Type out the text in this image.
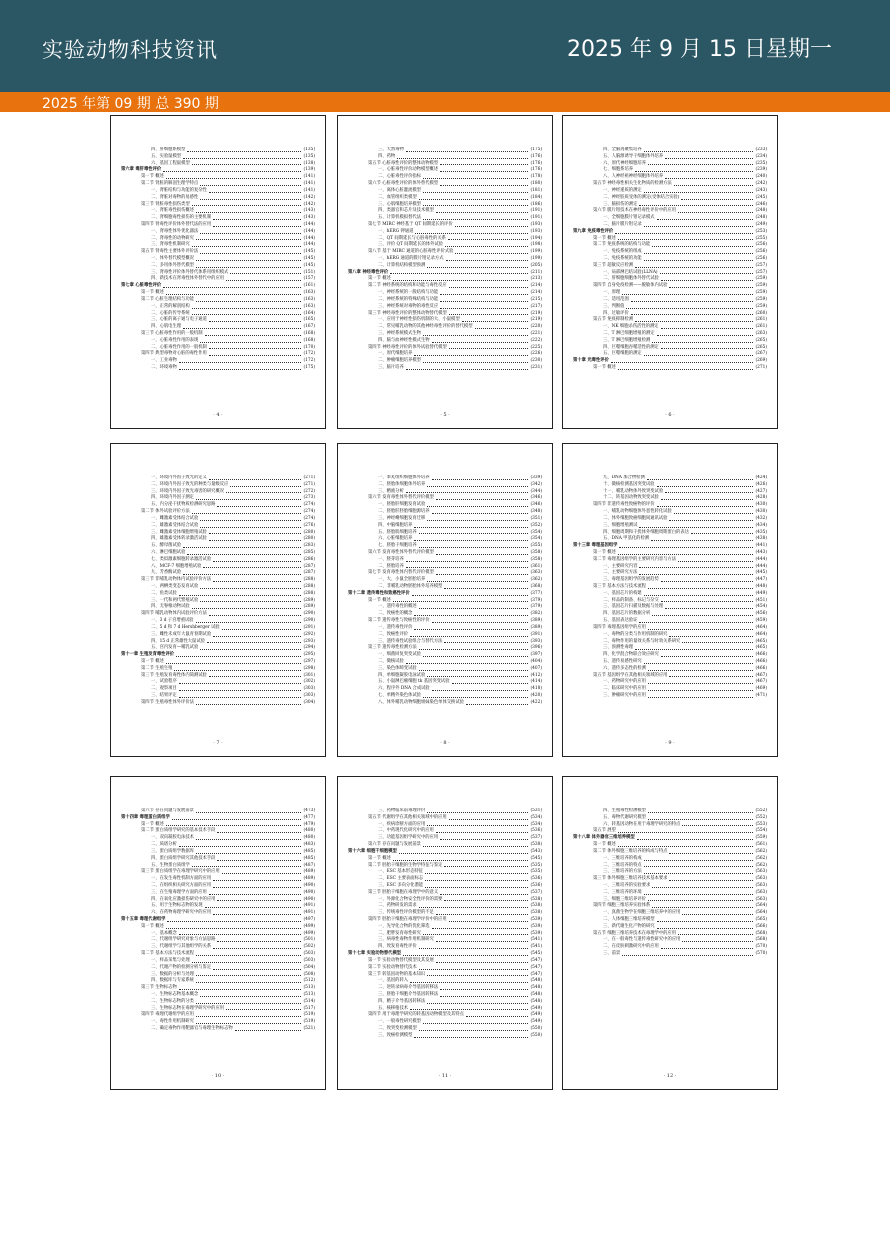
实验动物科技资讯	2025 年 9 月 15 日星期一
2025 年第 09 期 总 390 期
四、肝细胞系模型	(135)
五、实验鼠模型	(135)
六、基因工程鼠模型	(138)
第六章 毒肝毒性评价	(139)
第一节 概述	(141)
第二节 肾脏的解剖生理学特点	(141)
一、肾脏结构与功能的复杂性	(141)
二、肾脏对毒物的易感性	(142)
第三节 肾脏毒性损伤类型	(142)
一、肾脏毒性损伤概述	(143)
二、肾细胞毒性损伤的主要机制	(143)
第四节 肾毒性评价体外替代法的应用	(144)
一、肾毒性体外优化器法	(144)
二、肾毒性的动物研究	(144)
三、肾毒性机制研究	(144)
第五节 肾毒性主要体外评价法	(145)
一、体外替代模型概况	(145)
二、多用体外替代模型	(145)
三、肾毒性评价体外替代体系用组织模式	(151)
四、新技术在肾毒性体外替代中的应用	(157)
第七章 心脏毒性评价	(161)
第一节 概述	(163)
第二节 心脏生理结构与功能	(163)
一、正常的解剖结构	(163)
二、心脏的传导系统	(164)
三、心脏的离子通与电子通道	(165)
四、心肌电生理	(167)
第三节 心脏毒性作用的一般机制	(168)
一、心脏毒性作用的表现	(168)
二、心脏毒性作用的一般机制	(170)
第四节 典型毒物对心脏的毒性作用	(172)
一、工业毒物	(172)
二、环境毒物	(175)
· 4 ·
三、天然毒物	(175)
四、药物	(176)
第五节 心脏毒性评价的整体动物模型	(176)
一、心脏毒性评价动物模型概述	(176)
二、心脏毒性评价指标	(178)
第六节 心脏毒性评价的体外替代模型	(180)
一、离体心脏灌流模型	(181)
二、血管组织类模型	(184)
三、心肌细胞培养模型	(186)
四、类器官和芯片及技术模型	(191)
五、计算机模拟替代法	(191)
第七节 MIRC 神经基于 QT 间期延长的评价	(193)
一、hERG 钾通道	(193)
二、QT 间期延长与心脏毒性的关系	(194)
三、评价 QT 间期延长的体外试验	(198)
第八节 基于 MIRC 通道的心脏毒性评价式验	(199)
一、hERG 通道的膜片钳记录方式	(199)
二、计算机结构模型预测	(205)
第八章 神经毒性评价	(211)
第一节 概述	(213)
第二节 神经系统的结构和功能与毒性反应	(214)
一、神经系统的一般结构与功能	(214)
二、神经系统的特殊结构与功能	(215)
三、神经系统对毒物的毒性反应	(217)
第三节 神经毒性评价的整体动物替代模型	(219)
一、应用于神经性损伤机制的大、小鼠模型	(219)
二、常见哺乳动物的其他神经毒性评价的替代模型	(220)
三、神经系统模式生物	(221)
四、脑与血神经性模式生物	(222)
第四节 神经毒性评价的体外试验替代模型	(225)
一、原代细胞培养	(226)
二、肿瘤细胞培养模型	(230)
三、脑片培养	(231)
· 5 ·
四、全脑再聚集培养	(233)
五、人脑源诱导干细胞体外培养	(234)
六、原代神经细胞培养	(235)
七、细胞系培养	(239)
八、人神经祖神经细胞体外培养	(240)
第五节 神经毒性相关生化物质的检测方法	(242)
一、神经递质的测定	(243)
二、神经胶质受体的测定(受体结合实验)	(245)
三、脑损伤的测定	(246)
第六节 膜片钳技术在神经毒性评价中的应用	(248)
一、全细胞膜片钳记录模式	(248)
二、脑片膜片钳记录	(249)
第九章 免疫毒性评价	(253)
第一节 概述	(255)
第二节 免疫系统的结构与功能	(256)
一、免疫系统的组成	(256)
二、免疫系统的功能	(256)
第三节 超敏反应检测	(257)
一、局部淋巴结试验(LLNA)	(257)
二、肝细胞细胞体外替代试验	(259)
第四节 自身免疫检测——脱敏体内试验	(259)
一、原理	(259)
二、适用范围	(259)
三、判断值	(259)
四、过敏评价	(260)
第五节 免疫抑制检测	(261)
一、NK 细胞杀伤活性的测定	(261)
二、T 淋巴细胞增殖的测定	(263)
三、T 淋巴细胞增殖检测	(265)
四、巨噬细胞吞噬活性的测定	(265)
五、巨噬细胞的测定	(267)
第十章 光毒性评价	(269)
第一节 概述	(271)
· 6 ·
一、环境内外因子致光的定义	(271)
二、环境内外因子致光的种类与量级反应	(271)
三、环境内外因子致光毒害的研究概况	(272)
四、环境内外因子测定	(273)
五、内分泌干扰物质检测研究思路	(274)
第二节 体外试验评价方法	(274)
一、雌激素受体结合试验	(274)
二、雄激素受体结合试验	(276)
三、雌激素受体细胞增殖试验	(280)
四、雄激素受体转录激活试验	(280)
五、酵母菌试验	(283)
六、淋巴细胞试验	(285)
七、类似激素细胞转录激活试验	(286)
八、MCF-7 细胞增殖试验	(287)
九、芳香酶试验	(287)
第三节 非哺乳动物体内试验评价方法	(288)
一、两栖类变态发育试验	(288)
二、鱼类试验	(288)
三、一代和两代繁殖试验	(289)
四、无脊椎动物试验	(289)
第四节 哺乳动物体内试验评价方法	(290)
一、3 d 子宫增重试验	(290)
二、5 d 和 7 d Hershberger 试验	(291)
三、雌性未成年大鼠青春期试验	(292)
四、15 d 正常雄性大鼠试验	(293)
五、宫内发育—哺乳试验	(294)
第十一章 生殖发育毒性评价	(295)
第一节 概述	(297)
第二节 生殖生殖	(298)
第三节 生殖发育毒性体内简测试验	(301)
一、试验程序	(302)
二、观察项目	(303)
三、结果评定	(303)
第四节 生殖毒性体外评价法	(304)
· 7 ·
一、睾丸组织细胞体外培养	(339)
二、胚胎体细胞体外培养	(342)
三、精液分析	(344)
第六节 发育毒性体外替代评价模型	(346)
一、胚胎肝细胞发育试验	(346)
二、胚胎肝胚胎细胞源培养	(348)
三、神经嵴细胞发育迁移	(351)
四、中脑细胞培养	(352)
五、胚胎肌细胞培养	(354)
六、心脏细胞培养	(354)
七、胚胎干细胞培养	(355)
第六节 发育毒性体外替代评价模型	(358)
一、胚芽培养	(358)
二、胚胎培养	(361)
第七节 发育毒性体内替代评价模型	(363)
一、大、小鼠全胚胎培养	(362)
二、非哺乳动物胚胎体外培养模型	(368)
第十二章 遗传毒性和致癌性评价	(377)
第一节 概述	(379)
一、遗传毒性的概述	(379)
二、致癌性的概念	(382)
第二节 遗传毒性与致癌性的评价	(389)
一、遗传毒性评价	(389)
二、致癌性评价	(391)
三、遗传毒性试验组合与替代方法	(393)
第三节 遗传毒性检测方法	(396)
一、细菌回复突变试验	(397)
二、微核试验	(404)
三、染色体畸变试验	(407)
四、单细胞凝胶电泳试验	(412)
五、小鼠淋巴瘤细胞 tk 基因突变试验	(414)
六、程序外 DNA 合成试验	(418)
七、单精外染色体试验	(420)
八、体外哺乳动物细胞姐妹染色单体交换试验	(422)
· 8 ·
九、DNA 加合物检测	(424)
十、微核检测基因突变试验	(426)
十一、哺乳动物体外致突变试验	(427)
十二、转基因动物致突变试验	(428)
第四节 非遗传毒性致癌物的评价	(430)
一、哺乳动物细胞体外恶性转化试验	(430)
二、体外细胞致癌细胞间通讯试验	(432)
三、细胞增殖测试	(434)
四、细胞周期和干扰体外细胞周期蛋白的表达	(435)
五、DNA 甲基化的检测	(438)
第十三章 毒理基因组学	(441)
第一节 概述	(443)
第二节 毒理基因组学的主要研究内容与方法	(444)
一、主要研究内容	(444)
二、主要研究方法	(445)
三、毒理基因组学的发展趋势	(447)
第三节 基本方法与技术流程	(448)
一、基因芯片的构建	(449)
二、样品的制备、标记与杂交	(451)
三、基因芯片扫描及数据与处理	(454)
四、基因芯片的数据分析	(456)
五、基因表达验证	(459)
第四节 毒理基因组学的应用	(464)
一、毒物的分类与作用机制的研究	(464)
二、毒物作用的量效关系与时效关系研究	(465)
三、预测性毒理	(465)
四、化学混合物联合效应研究	(466)
五、遗传易感性研究	(466)
六、遗传多态性的检测	(466)
第五节 基因组学在其他相关领域的应用	(467)
一、药物研究中的应用	(467)
二、临床研究中的应用	(469)
三、肿瘤研究中的应用	(471)
· 9 ·
第六节 存在问题与发展前景	(473)
第十四章 毒理蛋白质组学	(477)
第一节 概述	(479)
第二节 蛋白质组学研究的基本技术手段	(480)
一、双向凝胶电泳技术	(480)
二、质谱分析	(483)
三、蛋白质组学数据库	(485)
四、蛋白质组学研究其他技术手段	(485)
五、生物蛋白质组学	(487)
第三节 蛋白质组学在毒理学研究中的应用	(489)
一、在发生毒性机制方面的应用	(489)
二、在组织相关研究方面的应用	(490)
三、在生殖毒理学方面的应用	(490)
四、在氧化应激损伤研究中的应用	(490)
五、用于生物标志物的发现	(491)
六、在药物毒理学研究中的应用	(491)
第十五章 毒理代谢组学	(497)
第一节 概述	(499)
一、基本概念	(499)
二、代谢组学研究对象与方法思路	(501)
三、代谢组学与其他组学的关系	(502)
第二节 基本方法与技术流程	(503)
一、样品采集与处理	(503)
二、代谢产物的检测分析与鉴定	(504)
三、数据的分析与处理	(508)
四、数据库与专家系统	(512)
第三节 生物标志物	(513)
一、生物标志物基本概念	(513)
二、生物标志物的分类	(514)
三、生物标志物在毒理学研究中的应用	(517)
第四节 毒理代谢组学的应用	(519)
一、毒性作用机制研究	(519)
二、确定毒物作用靶器官与毒理生物标志物	(521)
· 10 ·
三、药物临床前毒理评价	(531)
第五节 代谢组学在其他相关领域中的应用	(534)
一、疾病诊断方面的应用	(534)
二、中药现代化研究中的应用	(536)
三、功能基因组学研究中的应用	(537)
第六节 存在问题与发展前景	(538)
第十六章 细胞干细胞模型	(543)
第一节 概述	(545)
第二节 胚胎干细胞的生物学特征与鉴定	(535)
一、ESC 基本形态特征	(535)
二、ESC 主要表面标志	(536)
三、ESC 多向分化潜能	(536)
第三节 胚胎干细胞在毒理学中的意义	(537)
一、外源化合物安全性评价的需要	(538)
二、药物研发的需求	(538)
三、传统毒性评价模型的不足	(538)
第四节 胚胎干细胞在毒理学评价中的应用	(539)
一、先导化合物的优化筛选	(539)
二、肥胖发育毒性研究	(539)
三、病毒性毒物作用机制研究	(541)
四、致发育毒性评价	(541)
第十七章 实验动物替代模型	(545)
第一节 实验动物替代模型及其发展	(547)
第二节 实验动物替代技术	(547)
第三节 转基因动物的基本知识	(547)
一、基因的转入	(548)
二、逆转录病毒介导基因转移法	(548)
三、胚胎干细胞介导基因转移法	(548)
四、精子介导基因转移法	(548)
五、核移植技术	(549)
第四节 用于毒理学研究的转基因动物模型及其特点	(549)
一、一般毒性研究模型	(549)
二、致突变检测模型	(550)
三、致癌检测模型	(550)
· 11 ·
四、生殖毒性检测模型	(552)
五、毒物代谢研究模型	(552)
六、转基因动物在用于毒理学研究的特点	(553)
第五节 展望	(554)
第十八章 体外器官三维培养模型	(559)
第一节 概述	(561)
第二节 体外细胞三维培养的构成与特点	(562)
一、三维培养的构成	(562)
二、三维培养的特点	(562)
三、三维培养的方法	(563)
第三节 体外细胞三维培养技术基本要求	(563)
一、三维培养的实验要求	(563)
二、三维培养的环境	(563)
三、细胞三维培养评价	(563)
第四节 细胞三维培养实验体系	(564)
一、真菌生物学在细胞三维培养中的应用	(564)
二、人体细胞三维培养模型	(565)
三、新代谢生化产物的研究	(566)
第五节 细胞三维培养技术在毒理学中的应用	(568)
一、在一般毒性与遗传毒性研究中的应用	(568)
二、在皮肤刺激研究中的应用	(570)
三、前景	(570)
· 12 ·
